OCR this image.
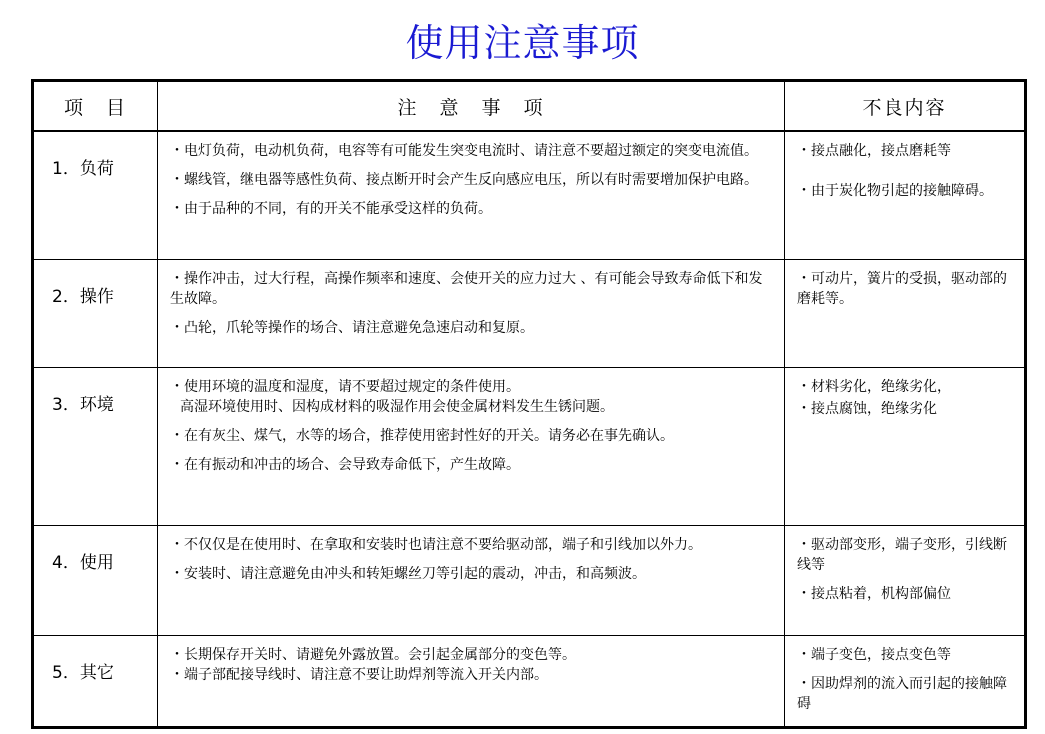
使用注意事项
项　目	注　意　事　项	不良内容
1．负荷

・电灯负荷，电动机负荷，电容等有可能发生突变电流时、请注意不要超过额定的突变电流值。

・螺线管，继电器等感性负荷、接点断开时会产生反向感应电压，所以有时需要增加保护电路。

・由于品种的不同，有的开关不能承受这样的负荷。

・接点融化，接点磨耗等

・由于炭化物引起的接触障碍。

2．操作

・操作冲击，过大行程，高操作频率和速度、会使开关的应力过大 、有可能会导致寿命低下和发生故障。

・凸轮，爪轮等操作的场合、请注意避免急速启动和复原。

・可动片，簧片的受损，驱动部的磨耗等。

3．环境

・使用环境的温度和湿度，请不要超过规定的条件使用。

高湿环境使用时、因构成材料的吸湿作用会使金属材料发生生锈问题。

・在有灰尘、煤气，水等的场合，推荐使用密封性好的开关。请务必在事先确认。

・在有振动和冲击的场合、会导致寿命低下，产生故障。

・材料劣化，绝缘劣化，

・接点腐蚀，绝缘劣化

4．使用

・不仅仅是在使用时、在拿取和安装时也请注意不要给驱动部，端子和引线加以外力。

・安装时、请注意避免由冲头和转矩螺丝刀等引起的震动，冲击，和高频波。

・驱动部变形，端子变形，引线断线等

・接点粘着，机构部偏位

5．其它

・长期保存开关时、请避免外露放置。会引起金属部分的变色等。

・端子部配接导线时、请注意不要让助焊剂等流入开关内部。

・端子变色，接点变色等

・因助焊剂的流入而引起的接触障碍
